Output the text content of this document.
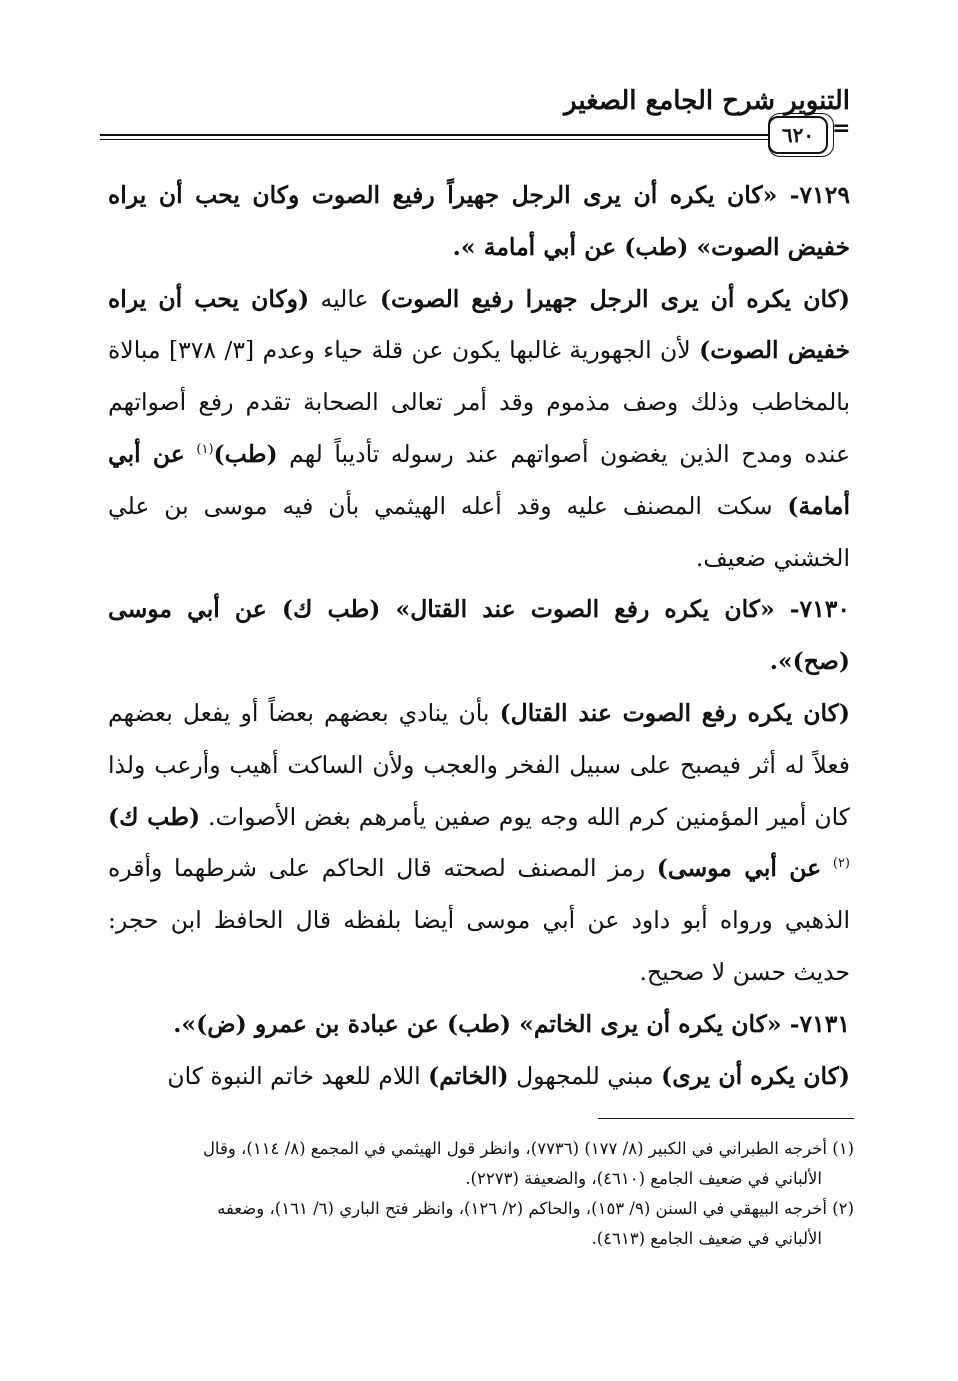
التنوير شرح الجامع الصغير
٦٢٠ =

٧١٢٩- «كان يكره أن يرى الرجل جهيراً رفيع الصوت وكان يحب أن يراه خفيض الصوت» (طب) عن أبي أمامة ».

(كان يكره أن يرى الرجل جهيرا رفيع الصوت) عاليه (وكان يحب أن يراه خفيض الصوت) لأن الجهورية غالبها يكون عن قلة حياء وعدم [٣/ ٣٧٨] مبالاة بالمخاطب وذلك وصف مذموم وقد أمر تعالى الصحابة تقدم رفع أصواتهم عنده ومدح الذين يغضون أصواتهم عند رسوله تأديباً لهم (طب)$^{(١)}$ عن أبي أمامة) سكت المصنف عليه وقد أعله الهيثمي بأن فيه موسى بن علي الخشني ضعيف.

٧١٣٠- «كان يكره رفع الصوت عند القتال» (طب ك) عن أبي موسى (صح)».

(كان يكره رفع الصوت عند القتال) بأن ينادي بعضهم بعضاً أو يفعل بعضهم فعلاً له أثر فيصبح على سبيل الفخر والعجب ولأن الساكت أهيب وأرعب ولذا كان أمير المؤمنين كرم الله وجه يوم صفين يأمرهم بغض الأصوات. (طب ك)$^{(٢)}$ عن أبي موسى) رمز المصنف لصحته قال الحاكم على شرطهما وأقره الذهبي ورواه أبو داود عن أبي موسى أيضا بلفظه قال الحافظ ابن حجر: حديث حسن لا صحيح.

٧١٣١- «كان يكره أن يرى الخاتم» (طب) عن عبادة بن عمرو (ض)».

(كان يكره أن يرى) مبني للمجهول (الخاتم) اللام للعهد خاتم النبوة كان

(١) أخرجه الطبراني في الكبير (٨/ ١٧٧) (٧٧٣٦)، وانظر قول الهيثمي في المجمع (٨/ ١١٤)، وقال

الألباني في ضعيف الجامع (٤٦١٠)، والضعيفة (٢٢٧٣).

(٢) أخرجه البيهقي في السنن (٩/ ١٥٣)، والحاكم (٢/ ١٢٦)، وانظر فتح الباري (٦/ ١٦١)، وضعفه

الألباني في ضعيف الجامع (٤٦١٣).
